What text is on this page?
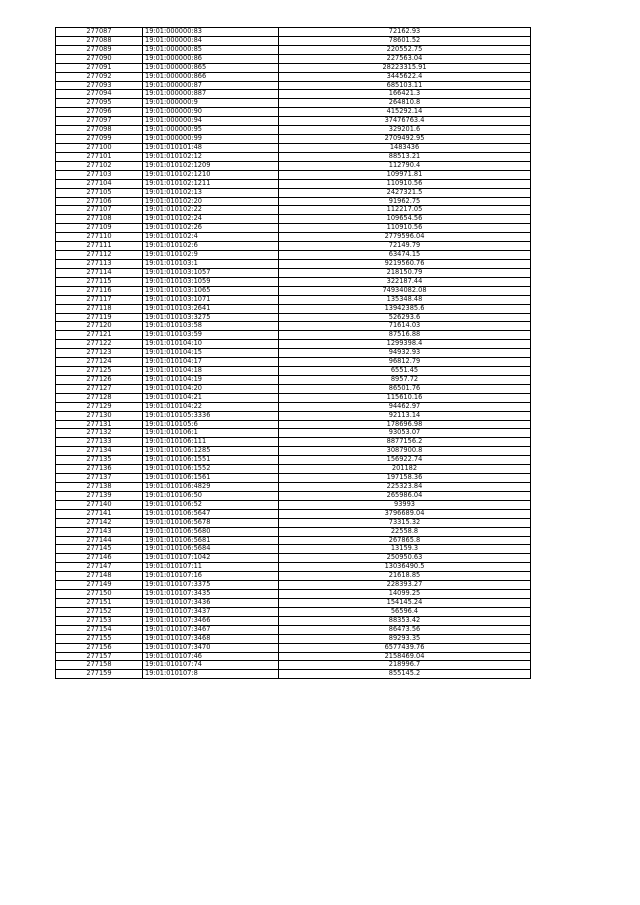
277087	19:01:000000:83	72162.93
277088	19:01:000000:84	78601.52
277089	19:01:000000:85	220552.75
277090	19:01:000000:86	227563.04
277091	19:01:000000:865	28223315.91
277092	19:01:000000:866	3445622.4
277093	19:01:000000:87	685103.11
277094	19:01:000000:887	166421.3
277095	19:01:000000:9	264810.8
277096	19:01:000000:90	415292.14
277097	19:01:000000:94	37476763.4
277098	19:01:000000:95	329201.6
277099	19:01:000000:99	2709492.95
277100	19:01:010101:48	1483436
277101	19:01:010102:12	88513.21
277102	19:01:010102:1209	112790.4
277103	19:01:010102:1210	109971.81
277104	19:01:010102:1211	110910.56
277105	19:01:010102:13	2427321.5
277106	19:01:010102:20	91962.75
277107	19:01:010102:22	112217.05
277108	19:01:010102:24	109654.56
277109	19:01:010102:26	110910.56
277110	19:01:010102:4	2779596.04
277111	19:01:010102:6	72149.79
277112	19:01:010102:9	63474.15
277113	19:01:010103:1	9219560.76
277114	19:01:010103:1057	218150.79
277115	19:01:010103:1059	322187.44
277116	19:01:010103:1065	74934082.08
277117	19:01:010103:1071	135348.48
277118	19:01:010103:2641	13942385.6
277119	19:01:010103:3275	526293.6
277120	19:01:010103:58	71614.03
277121	19:01:010103:59	87516.88
277122	19:01:010104:10	1299398.4
277123	19:01:010104:15	94932.93
277124	19:01:010104:17	96812.79
277125	19:01:010104:18	6551.45
277126	19:01:010104:19	8957.72
277127	19:01:010104:20	86501.76
277128	19:01:010104:21	115610.16
277129	19:01:010104:22	94462.97
277130	19:01:010105:3336	92113.14
277131	19:01:010105:6	178696.98
277132	19:01:010106:1	93053.07
277133	19:01:010106:111	8877156.2
277134	19:01:010106:1285	3087900.8
277135	19:01:010106:1551	156922.74
277136	19:01:010106:1552	201182
277137	19:01:010106:1561	197158.36
277138	19:01:010106:4829	225323.84
277139	19:01:010106:50	265986.04
277140	19:01:010106:52	93993
277141	19:01:010106:5647	3796689.04
277142	19:01:010106:5678	73315.32
277143	19:01:010106:5680	22558.8
277144	19:01:010106:5681	267865.8
277145	19:01:010106:5684	13159.3
277146	19:01:010107:1042	250950.63
277147	19:01:010107:11	13036490.5
277148	19:01:010107:16	21618.85
277149	19:01:010107:3375	228393.27
277150	19:01:010107:3435	14099.25
277151	19:01:010107:3436	154145.24
277152	19:01:010107:3437	56596.4
277153	19:01:010107:3466	88353.42
277154	19:01:010107:3467	86473.56
277155	19:01:010107:3468	89293.35
277156	19:01:010107:3470	6577439.76
277157	19:01:010107:46	2158469.04
277158	19:01:010107:74	218996.7
277159	19:01:010107:8	855145.2
